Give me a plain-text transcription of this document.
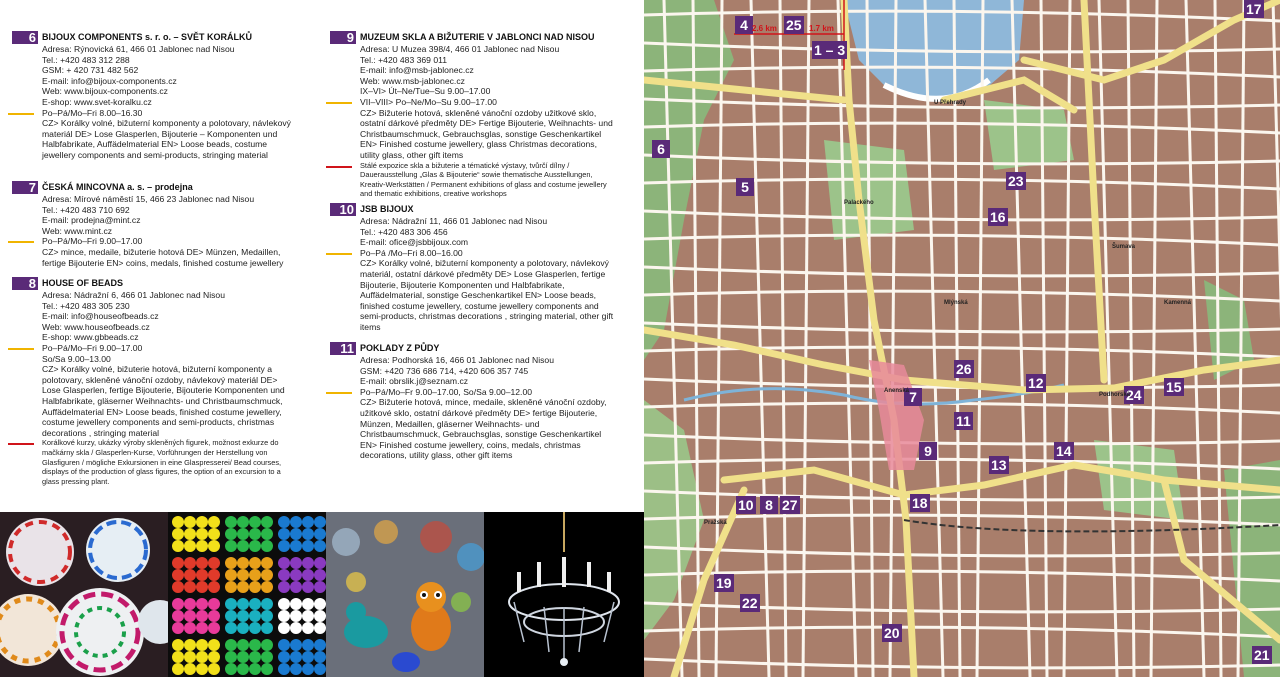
6 BIJOUX COMPONENTS s. r. o. – SVĚT KORÁLKŮ
Adresa: Rýnovická 61, 466 01 Jablonec nad Nisou
Tel.: +420 483 312 288
GSM: + 420 731 482 562
E-mail: info@bijoux-components.cz
Web: www.bijoux-components.cz
E-shop: www.svet-koralku.cz
Po–Pá/Mo–Fri 8.00–16.30
CZ> Korálky volné, bižuterní komponenty a polotovary, návlekový materiál DE> Lose Glasperlen, Bijouterie – Komponenten und Halbfabrikate, Auffädelmaterial EN> Loose beads, costume jewellery components and semi-products, stringing material
7 ČESKÁ MINCOVNA a. s. – prodejna
Adresa: Mírové náměstí 15, 466 23 Jablonec nad Nisou
Tel.: +420 483 710 692
E-mail: prodejna@mint.cz
Web: www.mint.cz
Po–Pá/Mo–Fri 9.00–17.00
CZ> mince, medaile, bižuterie hotová DE> Münzen, Medaillen, fertige Bijouterie EN> coins, medals, finished costume jewellery
8 HOUSE OF BEADS
Adresa: Nádražní 6, 466 01 Jablonec nad Nisou
Tel.: +420 483 305 230
E-mail: info@houseofbeads.cz
Web: www.houseofbeads.cz
E-shop: www.gbbeads.cz
Po–Pá/Mo–Fri 9.00–17.00
So/Sa 9.00–13.00
CZ> Korálky volné, bižuterie hotová, bižuterní komponenty a polotovary, skleněné vánoční ozdoby, návlekový materiál DE> Lose Glasperlen, fertige Bijouterie, Bijouterie Komponenten und Halbfabrikate, gläserner Weihnachts- und Christbaumschmuck, Auffädelmaterial EN> Loose beads, finished costume jewellery, costume jewellery components and semi-products, christmas decorations , stringing material
Korálkové kurzy, ukázky výroby skleněných figurek, možnost exkurze do mačkárny skla / Glasperlen-Kurse, Vorführungen der Herstellung von Glasfiguren / mögliche Exkursionen in eine Glaspresserei/ Bead courses, displays of the production of glass figures, the option of an excursion to a glass pressing plant.
9 MUZEUM SKLA A BIŽUTERIE V JABLONCI NAD NISOU
Adresa: U Muzea 398/4, 466 01 Jablonec nad Nisou
Tel.: +420 483 369 011
E-mail: info@msb-jablonec.cz
Web: www.msb-jablonec.cz
IX–VI> Út–Ne/Tue–Su 9.00–17.00
VII–VIII> Po–Ne/Mo–Su 9.00–17.00
CZ> Bižuterie hotová, skleněné vánoční ozdoby užitkové sklo, ostatní dárkové předměty DE> Fertige Bijouterie, Weihnachts- und Christbaumschmuck, Gebrauchsglas, sonstige Geschenkartikel EN> Finished costume jewellery, glass Christmas decorations, utility glass, other gift items
Stálé expozice skla a bižuterie a tématické výstavy, tvůrčí dílny / Dauerausstellung „Glas & Bijouterie“ sowie thematische Ausstellungen, Kreativ-Werkstätten / Permanent exhibitions of glass and costume jewellery and thematic exhibitions, creative workshops
10 JSB BIJOUX
Adresa: Nádražní 11, 466 01 Jablonec nad Nisou
Tel.: +420 483 306 456
E-mail: ofice@jsbbijoux.com
Po–Pá /Mo–Fri 8.00–16.00
CZ> Korálky volné, bižuterní komponenty a polotovary, návlekový materiál, ostatní dárkové předměty DE> Lose Glasperlen, fertige Bijouterie, Bijouterie Komponenten und Halbfabrikate, Auffädelmaterial, sonstige Geschenkartikel EN> Loose beads, finished costume jewellery, costume jewellery components and semi-products, christmas decorations , stringing material, other gift items
11 POKLADY Z PŮDY
Adresa: Podhorská 16, 466 01 Jablonec nad Nisou
GSM: +420 736 686 714, +420 606 357 745
E-mail: obrslik.j@seznam.cz
Po–Pá/Mo–Fr 9.00–17.00, So/Sa 9.00–12.00
CZ> Bižuterie hotová, mince, medaile, skleněné vánoční ozdoby, užitkové sklo, ostatní dárkové předměty DE> fertige Bijouterie, Münzen, Medaillen, gläserner Weihnachts- und Christbaumschmuck, Gebrauchsglas, sonstige Geschenkartikel EN> Finished costume jewellery, coins, medals, christmas decorations, utility glass, other gift items
4	25
1 – 3
17
6
5	23
16
7
26
12
24 15
11
9	14
13
10 8 27	18
19
22
20
21
2.6 km	1.7 km
Šumava
U Přehrady
Pražská
Podhorská
Mlýnská
Anenská
Palackého
Kamenná
